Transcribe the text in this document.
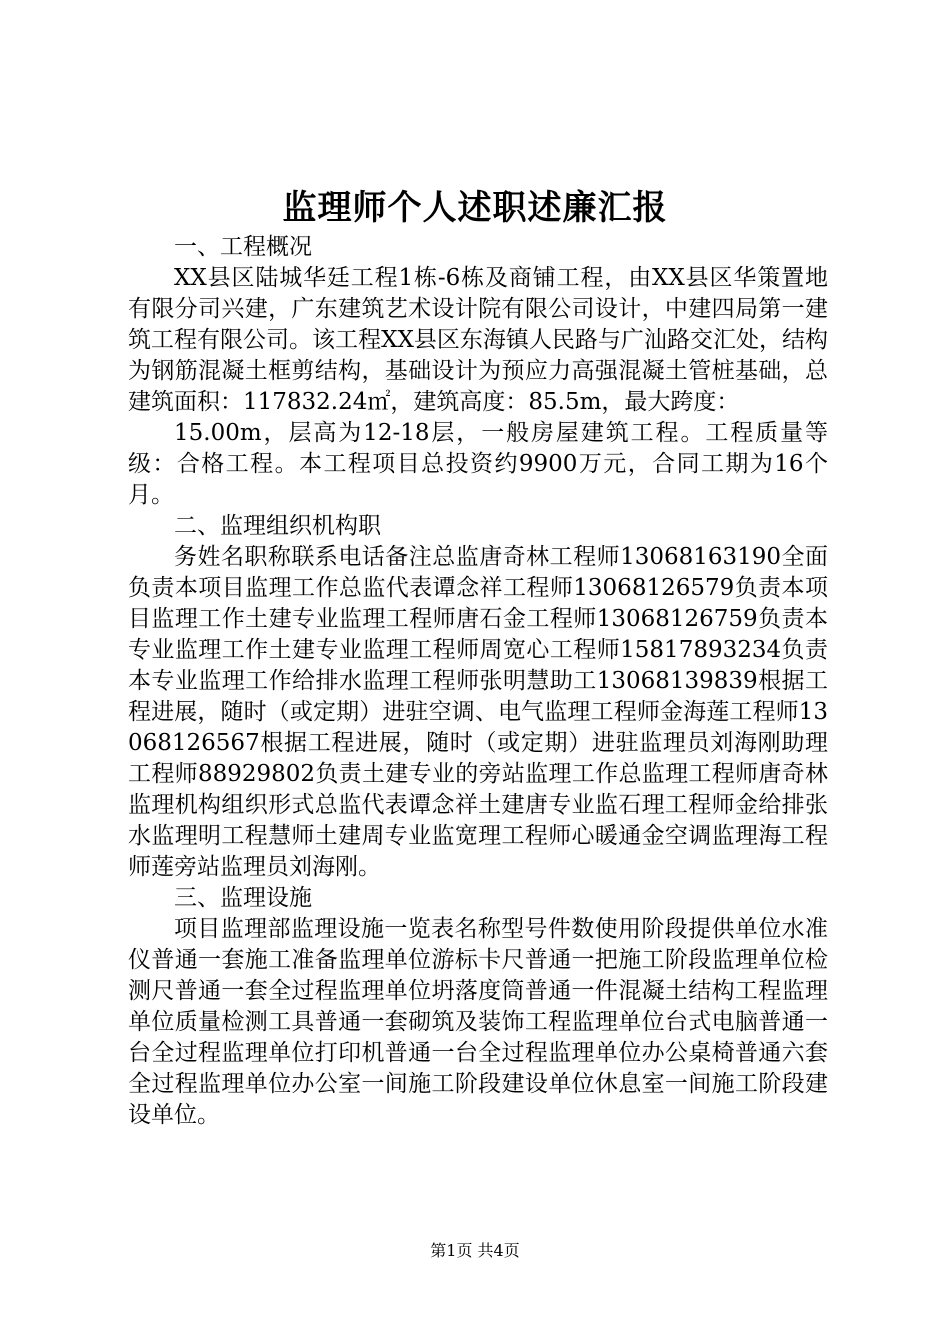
监理师个人述职述廉汇报

一、工程概况

XX县区陆城华廷工程1栋-6栋及商铺工程，由XX县区华策置地有限分司兴建，广东建筑艺术设计院有限公司设计，中建四局第一建筑工程有限公司。该工程XX县区东海镇人民路与广汕路交汇处，结构为钢筋混凝土框剪结构，基础设计为预应力高强混凝土管桩基础，总建筑面积：117832.24㎡，建筑高度：85.5m，最大跨度：

15.00m，层高为12-18层，一般房屋建筑工程。工程质量等级：合格工程。本工程项目总投资约9900万元，合同工期为16个月。

二、监理组织机构职

务姓名职称联系电话备注总监唐奇林工程师13068163190全面负责本项目监理工作总监代表谭念祥工程师13068126579负责本项目监理工作土建专业监理工程师唐石金工程师13068126759负责本专业监理工作土建专业监理工程师周宽心工程师15817893234负责本专业监理工作给排水监理工程师张明慧助工13068139839根据工程进展，随时（或定期）进驻空调、电气监理工程师金海莲工程师13068126567根据工程进展，随时（或定期）进驻监理员刘海刚助理工程师88929802负责土建专业的旁站监理工作总监理工程师唐奇林监理机构组织形式总监代表谭念祥土建唐专业监石理工程师金给排张水监理明工程慧师土建周专业监宽理工程师心暖通金空调监理海工程师莲旁站监理员刘海刚。

三、监理设施

项目监理部监理设施一览表名称型号件数使用阶段提供单位水准仪普通一套施工准备监理单位游标卡尺普通一把施工阶段监理单位检测尺普通一套全过程监理单位坍落度筒普通一件混凝土结构工程监理单位质量检测工具普通一套砌筑及装饰工程监理单位台式电脑普通一台全过程监理单位打印机普通一台全过程监理单位办公桌椅普通六套全过程监理单位办公室一间施工阶段建设单位休息室一间施工阶段建设单位。

第1页 共4页
